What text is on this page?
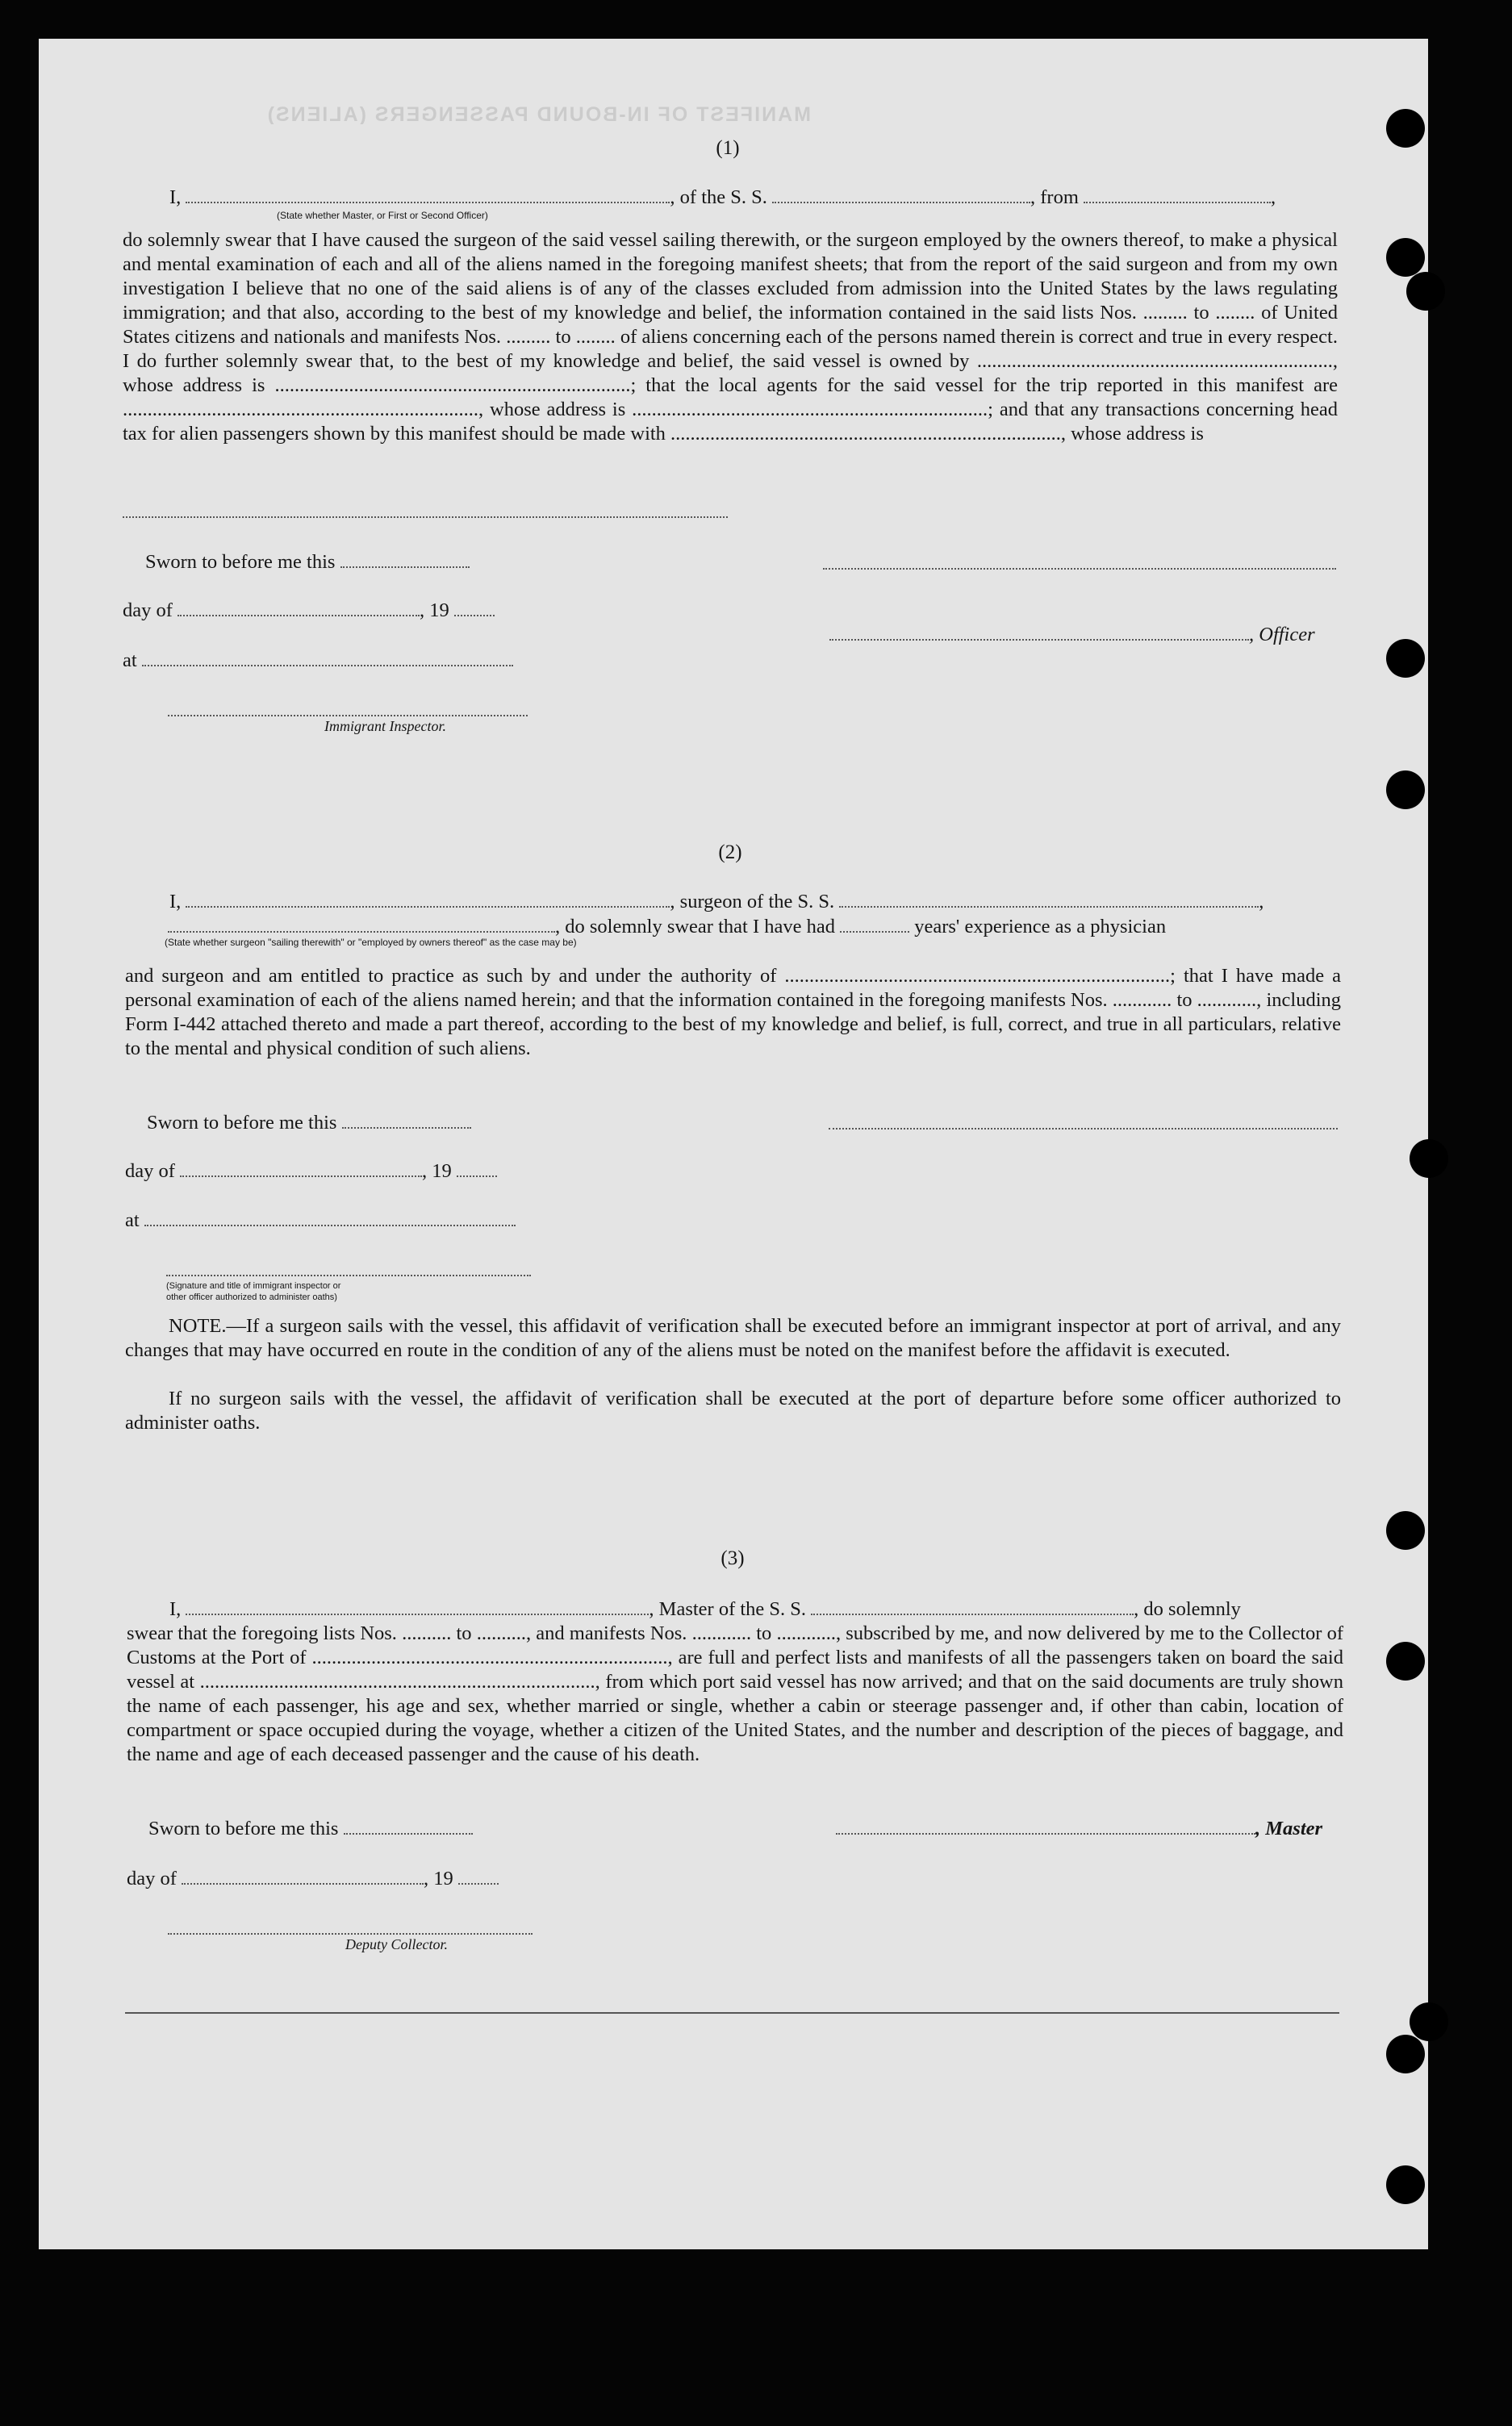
MANIFEST OF IN-BOUND PASSENGERS (ALIENS)
(1)
I,	, of the S. S.	, from	,
(State whether Master, or First or Second Officer)
do solemnly swear that I have caused the surgeon of the said vessel sailing therewith, or the surgeon employed by the owners thereof, to make a physical and mental examination of each and all of the aliens named in the foregoing manifest sheets; that from the report of the said surgeon and from my own investigation I believe that no one of the said aliens is of any of the classes excluded from admission into the United States by the laws regulating immigration; and that also, according to the best of my knowledge and belief, the information contained in the said lists Nos. ......... to ........ of United States citizens and nationals and manifests Nos. ......... to ........ of aliens concerning each of the persons named therein is correct and true in every respect. I do further solemnly swear that, to the best of my knowledge and belief, the said vessel is owned by ........................................................................, whose address is ........................................................................; that the local agents for the said vessel for the trip reported in this manifest are ........................................................................, whose address is ........................................................................; and that any transactions concerning head tax for alien passengers shown by this manifest should be made with ..............................................................................., whose address is
Sworn to before me this
day of	, 19
, Officer
at
Immigrant Inspector.
(2)
I,	, surgeon of the S. S.	,
, do solemnly swear that I have had	years' experience as a physician
(State whether surgeon "sailing therewith" or "employed by owners thereof" as the case may be)
and surgeon and am entitled to practice as such by and under the authority of ..............................................................................; that I have made a personal examination of each of the aliens named herein; and that the information contained in the foregoing manifests Nos. ............ to ............, including Form I-442 attached thereto and made a part thereof, according to the best of my knowledge and belief, is full, correct, and true in all particulars, relative to the mental and physical condition of such aliens.
Sworn to before me this
day of	, 19
at
(Signature and title of immigrant inspector or
other officer authorized to administer oaths)
NOTE.—If a surgeon sails with the vessel, this affidavit of verification shall be executed before an immigrant inspector at port of arrival, and any changes that may have occurred en route in the condition of any of the aliens must be noted on the manifest before the affidavit is executed.
If no surgeon sails with the vessel, the affidavit of verification shall be executed at the port of departure before some officer authorized to administer oaths.
(3)
I,	, Master of the S. S.	, do solemnly
swear that the foregoing lists Nos. .......... to .........., and manifests Nos. ............ to ............, subscribed by me, and now delivered by me to the Collector of Customs at the Port of ........................................................................, are full and perfect lists and manifests of all the passengers taken on board the said vessel at ................................................................................, from which port said vessel has now arrived; and that on the said documents are truly shown the name of each passenger, his age and sex, whether married or single, whether a cabin or steerage passenger and, if other than cabin, location of compartment or space occupied during the voyage, whether a citizen of the United States, and the number and description of the pieces of baggage, and the name and age of each deceased passenger and the cause of his death.
Sworn to before me this	, Master
day of	, 19
Deputy Collector.
